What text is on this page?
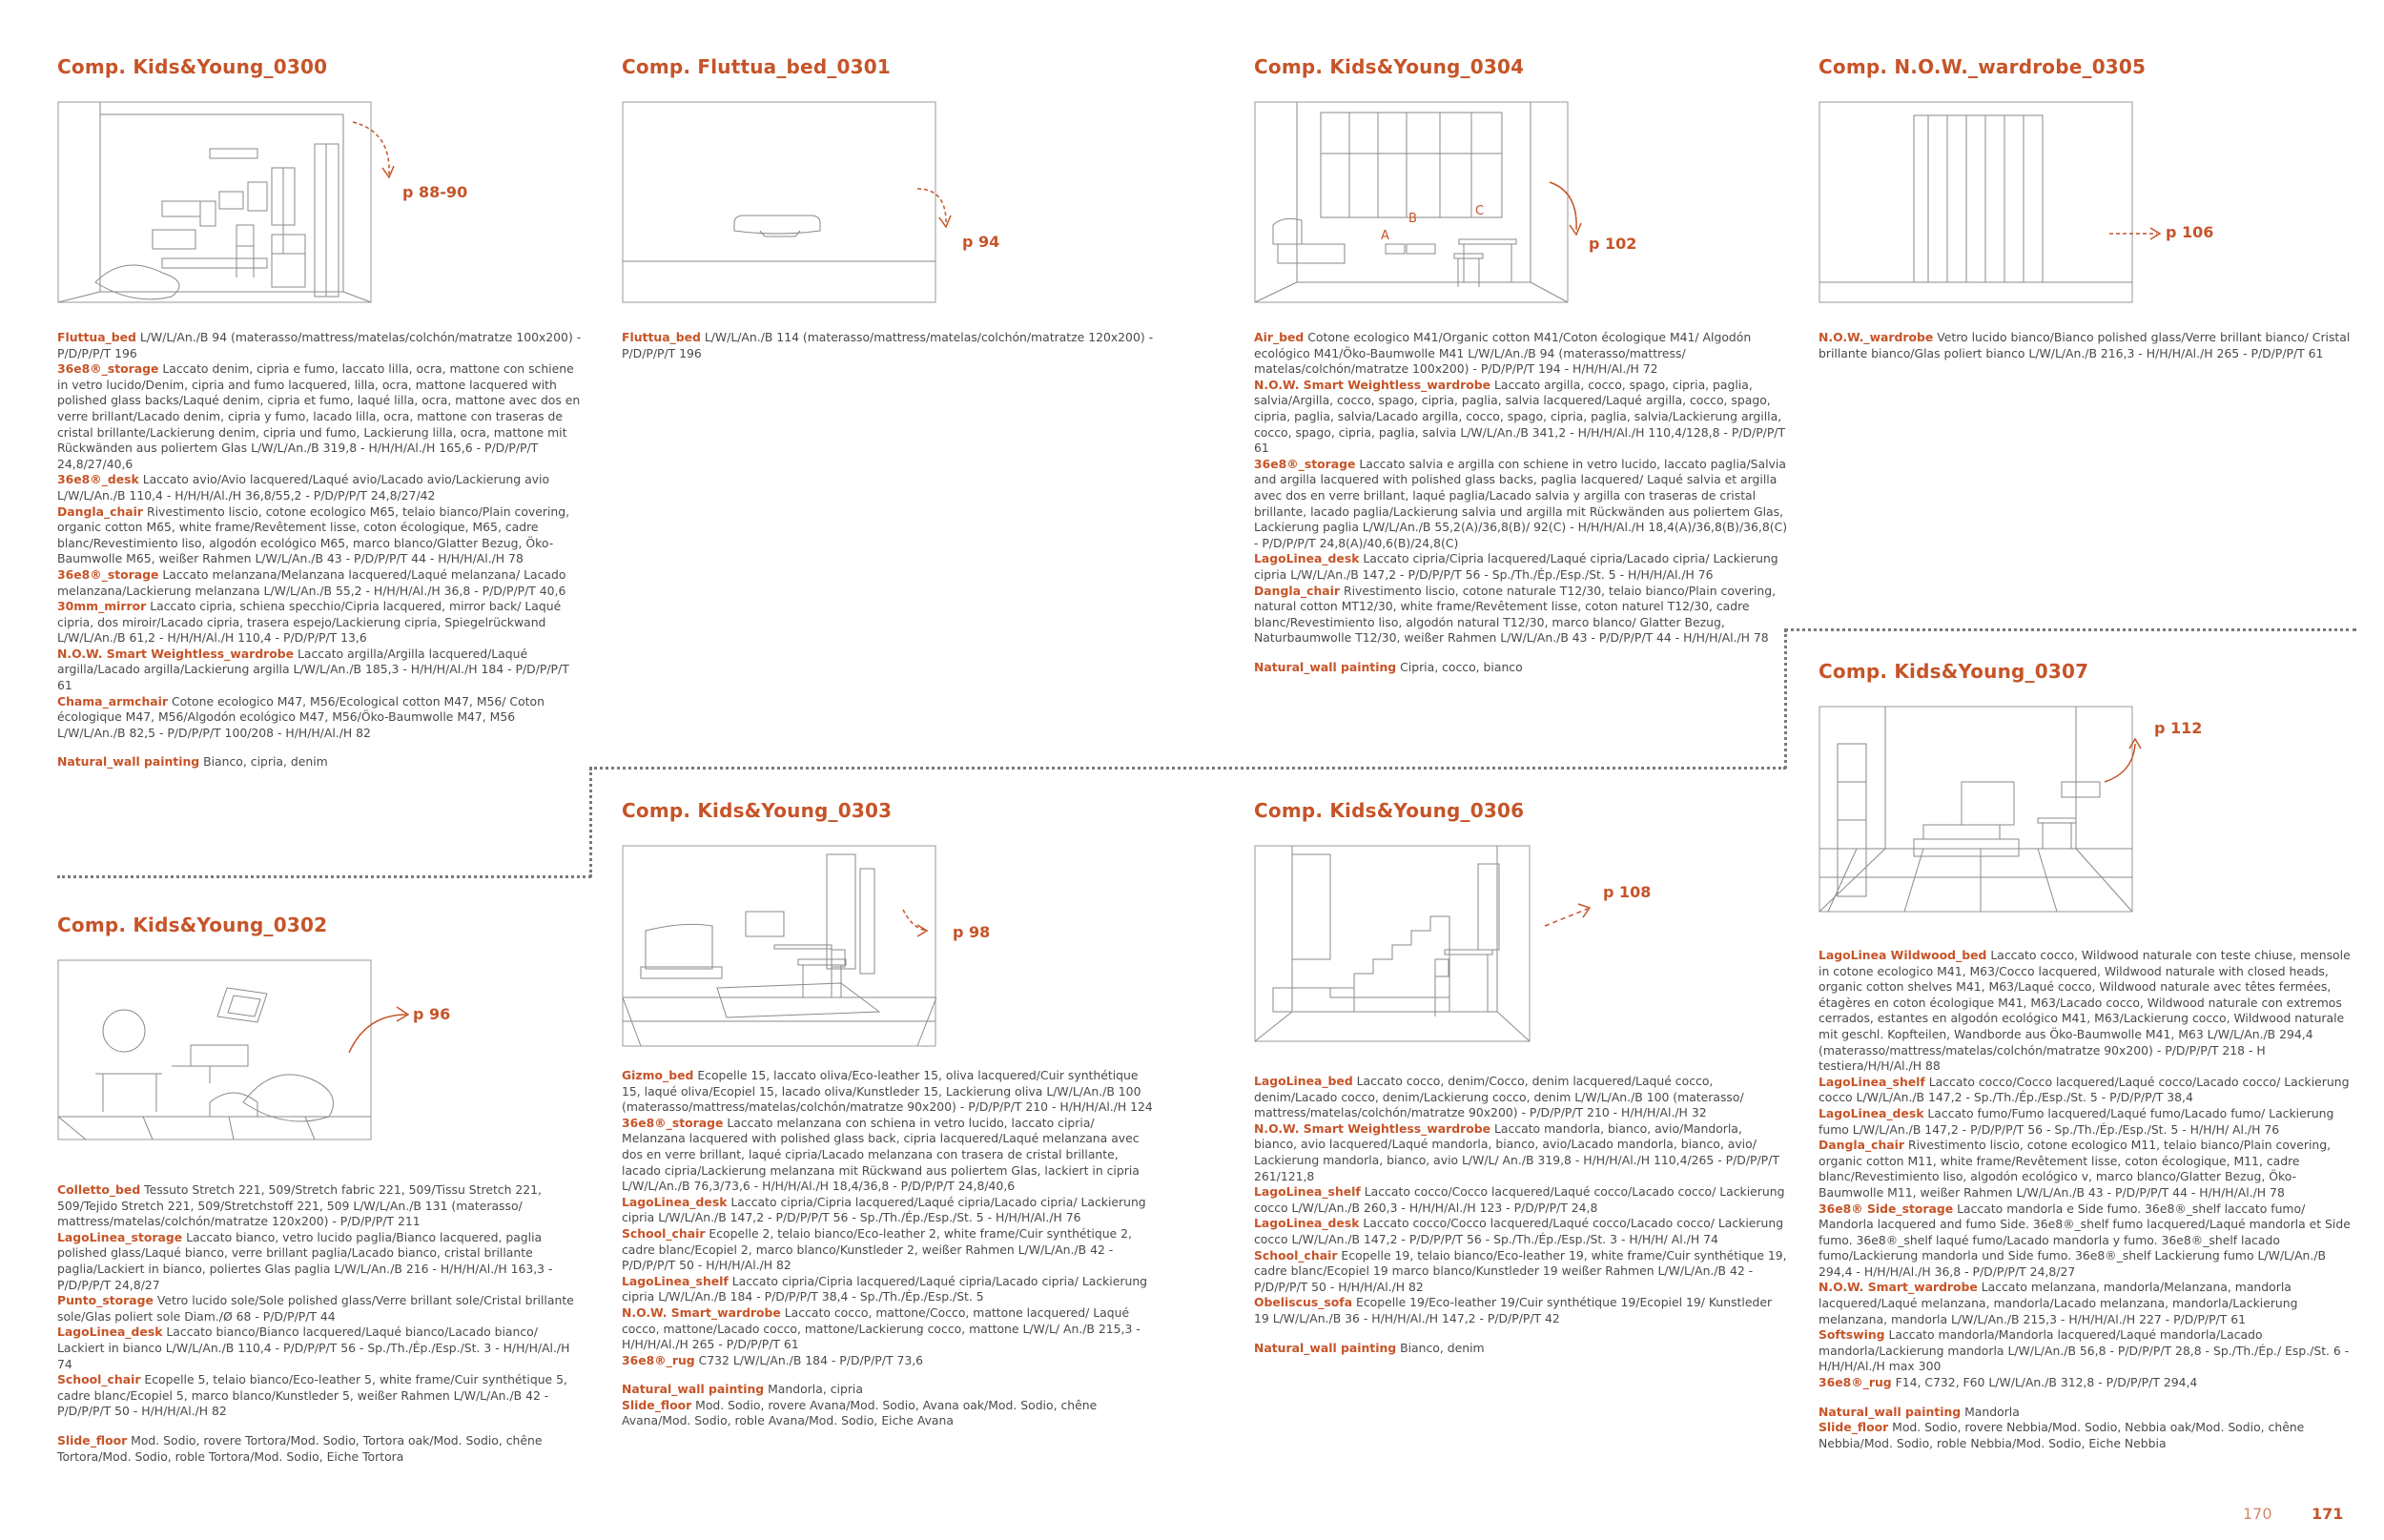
Comp. Kids&Young_0300
p 88-90

Fluttua_bed L/W/L/An./B 94 (materasso/mattress/matelas/colchón/matratze 100x200) - P/D/P/P/T 196

36e8®_storage Laccato denim, cipria e fumo, laccato lilla, ocra, mattone con schiene in vetro lucido/Denim, cipria and fumo lacquered, lilla, ocra, mattone lacquered with polished glass backs/Laqué denim, cipria et fumo, laqué lilla, ocra, mattone avec dos en verre brillant/Lacado denim, cipria y fumo, lacado lilla, ocra, mattone con traseras de cristal brillante/Lackierung denim, cipria und fumo, Lackierung lilla, ocra, mattone mit Rückwänden aus poliertem Glas L/W/L/An./B 319,8 - H/H/H/Al./H 165,6 - P/D/P/P/T 24,8/27/40,6

36e8®_desk Laccato avio/Avio lacquered/Laqué avio/Lacado avio/Lackierung avio L/W/L/An./B 110,4 - H/H/H/Al./H 36,8/55,2 - P/D/P/P/T 24,8/27/42

Dangla_chair Rivestimento liscio, cotone ecologico M65, telaio bianco/Plain covering, organic cotton M65, white frame/Revêtement lisse, coton écologique, M65, cadre blanc/Revestimiento liso, algodón ecológico M65, marco blanco/Glatter Bezug, Öko-Baumwolle M65, weißer Rahmen L/W/L/An./B 43 - P/D/P/P/T 44 - H/H/H/Al./H 78

36e8®_storage Laccato melanzana/Melanzana lacquered/Laqué melanzana/ Lacado melanzana/Lackierung melanzana L/W/L/An./B 55,2 - H/H/H/Al./H 36,8 - P/D/P/P/T 40,6

30mm_mirror Laccato cipria, schiena specchio/Cipria lacquered, mirror back/ Laqué cipria, dos miroir/Lacado cipria, trasera espejo/Lackierung cipria, Spiegelrückwand L/W/L/An./B 61,2 - H/H/H/Al./H 110,4 - P/D/P/P/T 13,6

N.O.W. Smart Weightless_wardrobe Laccato argilla/Argilla lacquered/Laqué argilla/Lacado argilla/Lackierung argilla L/W/L/An./B 185,3 - H/H/H/Al./H 184 - P/D/P/P/T 61

Chama_armchair Cotone ecologico M47, M56/Ecological cotton M47, M56/ Coton écologique M47, M56/Algodón ecológico M47, M56/Öko-Baumwolle M47, M56 L/W/L/An./B 82,5 - P/D/P/P/T 100/208 - H/H/H/Al./H 82

Natural_wall painting Bianco, cipria, denim

Comp. Fluttua_bed_0301
p 94

Fluttua_bed L/W/L/An./B 114 (materasso/mattress/matelas/colchón/matratze 120x200) - P/D/P/P/T 196

Comp. Kids&Young_0302
p 96

Colletto_bed Tessuto Stretch 221, 509/Stretch fabric 221, 509/Tissu Stretch 221, 509/Tejido Stretch 221, 509/Stretchstoff 221, 509 L/W/L/An./B 131 (materasso/ mattress/matelas/colchón/matratze 120x200) - P/D/P/P/T 211

LagoLinea_storage Laccato bianco, vetro lucido paglia/Bianco lacquered, paglia polished glass/Laqué bianco, verre brillant paglia/Lacado bianco, cristal brillante paglia/Lackiert in bianco, poliertes Glas paglia L/W/L/An./B 216 - H/H/H/Al./H 163,3 - P/D/P/P/T 24,8/27

Punto_storage Vetro lucido sole/Sole polished glass/Verre brillant sole/Cristal brillante sole/Glas poliert sole Diam./Ø 68 - P/D/P/P/T 44

LagoLinea_desk Laccato bianco/Bianco lacquered/Laqué bianco/Lacado bianco/ Lackiert in bianco L/W/L/An./B 110,4 - P/D/P/P/T 56 - Sp./Th./Ép./Esp./St. 3 - H/H/H/Al./H 74

School_chair Ecopelle 5, telaio bianco/Eco-leather 5, white frame/Cuir synthétique 5, cadre blanc/Ecopiel 5, marco blanco/Kunstleder 5, weißer Rahmen L/W/L/An./B 42 - P/D/P/P/T 50 - H/H/H/Al./H 82

Slide_floor Mod. Sodio, rovere Tortora/Mod. Sodio, Tortora oak/Mod. Sodio, chêne Tortora/Mod. Sodio, roble Tortora/Mod. Sodio, Eiche Tortora

Comp. Kids&Young_0303
p 98

Gizmo_bed Ecopelle 15, laccato oliva/Eco-leather 15, oliva lacquered/Cuir synthétique 15, laqué oliva/Ecopiel 15, lacado oliva/Kunstleder 15, Lackierung oliva L/W/L/An./B 100 (materasso/mattress/matelas/colchón/matratze 90x200) - P/D/P/P/T 210 - H/H/H/Al./H 124

36e8®_storage Laccato melanzana con schiena in vetro lucido, laccato cipria/ Melanzana lacquered with polished glass back, cipria lacquered/Laqué melanzana avec dos en verre brillant, laqué cipria/Lacado melanzana con trasera de cristal brillante, lacado cipria/Lackierung melanzana mit Rückwand aus poliertem Glas, lackiert in cipria L/W/L/An./B 76,3/73,6 - H/H/H/Al./H 18,4/36,8 - P/D/P/P/T 24,8/40,6

LagoLinea_desk Laccato cipria/Cipria lacquered/Laqué cipria/Lacado cipria/ Lackierung cipria L/W/L/An./B 147,2 - P/D/P/P/T 56 - Sp./Th./Ép./Esp./St. 5 - H/H/H/Al./H 76

School_chair Ecopelle 2, telaio bianco/Eco-leather 2, white frame/Cuir synthétique 2, cadre blanc/Ecopiel 2, marco blanco/Kunstleder 2, weißer Rahmen L/W/L/An./B 42 - P/D/P/P/T 50 - H/H/H/Al./H 82

LagoLinea_shelf Laccato cipria/Cipria lacquered/Laqué cipria/Lacado cipria/ Lackierung cipria L/W/L/An./B 184 - P/D/P/P/T 38,4 - Sp./Th./Ép./Esp./St. 5

N.O.W. Smart_wardrobe Laccato cocco, mattone/Cocco, mattone lacquered/ Laqué cocco, mattone/Lacado cocco, mattone/Lackierung cocco, mattone L/W/L/ An./B 215,3 - H/H/H/Al./H 265 - P/D/P/P/T 61

36e8®_rug C732 L/W/L/An./B 184 - P/D/P/P/T 73,6

Natural_wall painting Mandorla, cipria

Slide_floor Mod. Sodio, rovere Avana/Mod. Sodio, Avana oak/Mod. Sodio, chêne Avana/Mod. Sodio, roble Avana/Mod. Sodio, Eiche Avana

Comp. Kids&Young_0304
A
B
C
p 102

Air_bed Cotone ecologico M41/Organic cotton M41/Coton écologique M41/ Algodón ecológico M41/Öko-Baumwolle M41 L/W/L/An./B 94 (materasso/mattress/ matelas/colchón/matratze 100x200) - P/D/P/P/T 194 - H/H/H/Al./H 72

N.O.W. Smart Weightless_wardrobe Laccato argilla, cocco, spago, cipria, paglia, salvia/Argilla, cocco, spago, cipria, paglia, salvia lacquered/Laqué argilla, cocco, spago, cipria, paglia, salvia/Lacado argilla, cocco, spago, cipria, paglia, salvia/Lackierung argilla, cocco, spago, cipria, paglia, salvia L/W/L/An./B 341,2 - H/H/H/Al./H 110,4/128,8 - P/D/P/P/T 61

36e8®_storage Laccato salvia e argilla con schiene in vetro lucido, laccato paglia/Salvia and argilla lacquered with polished glass backs, paglia lacquered/ Laqué salvia et argilla avec dos en verre brillant, laqué paglia/Lacado salvia y argilla con traseras de cristal brillante, lacado paglia/Lackierung salvia und argilla mit Rückwänden aus poliertem Glas, Lackierung paglia L/W/L/An./B 55,2(A)/36,8(B)/ 92(C) - H/H/H/Al./H 18,4(A)/36,8(B)/36,8(C) - P/D/P/P/T 24,8(A)/40,6(B)/24,8(C)

LagoLinea_desk Laccato cipria/Cipria lacquered/Laqué cipria/Lacado cipria/ Lackierung cipria L/W/L/An./B 147,2 - P/D/P/P/T 56 - Sp./Th./Ép./Esp./St. 5 - H/H/H/Al./H 76

Dangla_chair Rivestimento liscio, cotone naturale T12/30, telaio bianco/Plain covering, natural cotton MT12/30, white frame/Revêtement lisse, coton naturel T12/30, cadre blanc/Revestimiento liso, algodón natural T12/30, marco blanco/ Glatter Bezug, Naturbaumwolle T12/30, weißer Rahmen L/W/L/An./B 43 - P/D/P/P/T 44 - H/H/H/Al./H 78

Natural_wall painting Cipria, cocco, bianco

Comp. N.O.W._wardrobe_0305
p 106

N.O.W._wardrobe Vetro lucido bianco/Bianco polished glass/Verre brillant bianco/ Cristal brillante bianco/Glas poliert bianco L/W/L/An./B 216,3 - H/H/H/Al./H 265 - P/D/P/P/T 61

Comp. Kids&Young_0306
p 108

LagoLinea_bed Laccato cocco, denim/Cocco, denim lacquered/Laqué cocco, denim/Lacado cocco, denim/Lackierung cocco, denim L/W/L/An./B 100 (materasso/ mattress/matelas/colchón/matratze 90x200) - P/D/P/P/T 210 - H/H/H/Al./H 32

N.O.W. Smart Weightless_wardrobe Laccato mandorla, bianco, avio/Mandorla, bianco, avio lacquered/Laqué mandorla, bianco, avio/Lacado mandorla, bianco, avio/ Lackierung mandorla, bianco, avio L/W/L/ An./B 319,8 - H/H/H/Al./H 110,4/265 - P/D/P/P/T 261/121,8

LagoLinea_shelf Laccato cocco/Cocco lacquered/Laqué cocco/Lacado cocco/ Lackierung cocco L/W/L/An./B 260,3 - H/H/H/Al./H 123 - P/D/P/P/T 24,8

LagoLinea_desk Laccato cocco/Cocco lacquered/Laqué cocco/Lacado cocco/ Lackierung cocco L/W/L/An./B 147,2 - P/D/P/P/T 56 - Sp./Th./Ép./Esp./St. 3 - H/H/H/ Al./H 74

School_chair Ecopelle 19, telaio bianco/Eco-leather 19, white frame/Cuir synthétique 19, cadre blanc/Ecopiel 19 marco blanco/Kunstleder 19 weißer Rahmen L/W/L/An./B 42 - P/D/P/P/T 50 - H/H/H/Al./H 82

Obeliscus_sofa Ecopelle 19/Eco-leather 19/Cuir synthétique 19/Ecopiel 19/ Kunstleder 19 L/W/L/An./B 36 - H/H/H/Al./H 147,2 - P/D/P/P/T 42

Natural_wall painting Bianco, denim

Comp. Kids&Young_0307
p 112

LagoLinea Wildwood_bed Laccato cocco, Wildwood naturale con teste chiuse, mensole in cotone ecologico M41, M63/Cocco lacquered, Wildwood naturale with closed heads, organic cotton shelves M41, M63/Laqué cocco, Wildwood naturale avec têtes fermées, étagères en coton écologique M41, M63/Lacado cocco, Wildwood naturale con extremos cerrados, estantes en algodón ecológico M41, M63/Lackierung cocco, Wildwood naturale mit geschl. Kopfteilen, Wandborde aus Öko-Baumwolle M41, M63 L/W/L/An./B 294,4 (materasso/mattress/matelas/colchón/matratze 90x200) - P/D/P/P/T 218 - H testiera/H/H/Al./H 88

LagoLinea_shelf Laccato cocco/Cocco lacquered/Laqué cocco/Lacado cocco/ Lackierung cocco L/W/L/An./B 147,2 - Sp./Th./Ép./Esp./St. 5 - P/D/P/P/T 38,4

LagoLinea_desk Laccato fumo/Fumo lacquered/Laqué fumo/Lacado fumo/ Lackierung fumo L/W/L/An./B 147,2 - P/D/P/P/T 56 - Sp./Th./Ép./Esp./St. 5 - H/H/H/ Al./H 76

Dangla_chair Rivestimento liscio, cotone ecologico M11, telaio bianco/Plain covering, organic cotton M11, white frame/Revêtement lisse, coton écologique, M11, cadre blanc/Revestimiento liso, algodón ecológico v, marco blanco/Glatter Bezug, Öko-Baumwolle M11, weißer Rahmen L/W/L/An./B 43 - P/D/P/P/T 44 - H/H/H/Al./H 78

36e8® Side_storage Laccato mandorla e Side fumo. 36e8®_shelf laccato fumo/ Mandorla lacquered and fumo Side. 36e8®_shelf fumo lacquered/Laqué mandorla et Side fumo. 36e8®_shelf laqué fumo/Lacado mandorla y fumo. 36e8®_shelf lacado fumo/Lackierung mandorla und Side fumo. 36e8®_shelf Lackierung fumo L/W/L/An./B 294,4 - H/H/H/Al./H 36,8 - P/D/P/P/T 24,8/27

N.O.W. Smart_wardrobe Laccato melanzana, mandorla/Melanzana, mandorla lacquered/Laqué melanzana, mandorla/Lacado melanzana, mandorla/Lackierung melanzana, mandorla L/W/L/An./B 215,3 - H/H/H/Al./H 227 - P/D/P/P/T 61

Softswing Laccato mandorla/Mandorla lacquered/Laqué mandorla/Lacado mandorla/Lackierung mandorla L/W/L/An./B 56,8 - P/D/P/P/T 28,8 - Sp./Th./Ép./ Esp./St. 6 - H/H/H/Al./H max 300

36e8®_rug F14, C732, F60 L/W/L/An./B 312,8 - P/D/P/P/T 294,4

Natural_wall painting Mandorla

Slide_floor Mod. Sodio, rovere Nebbia/Mod. Sodio, Nebbia oak/Mod. Sodio, chêne Nebbia/Mod. Sodio, roble Nebbia/Mod. Sodio, Eiche Nebbia

170	171
